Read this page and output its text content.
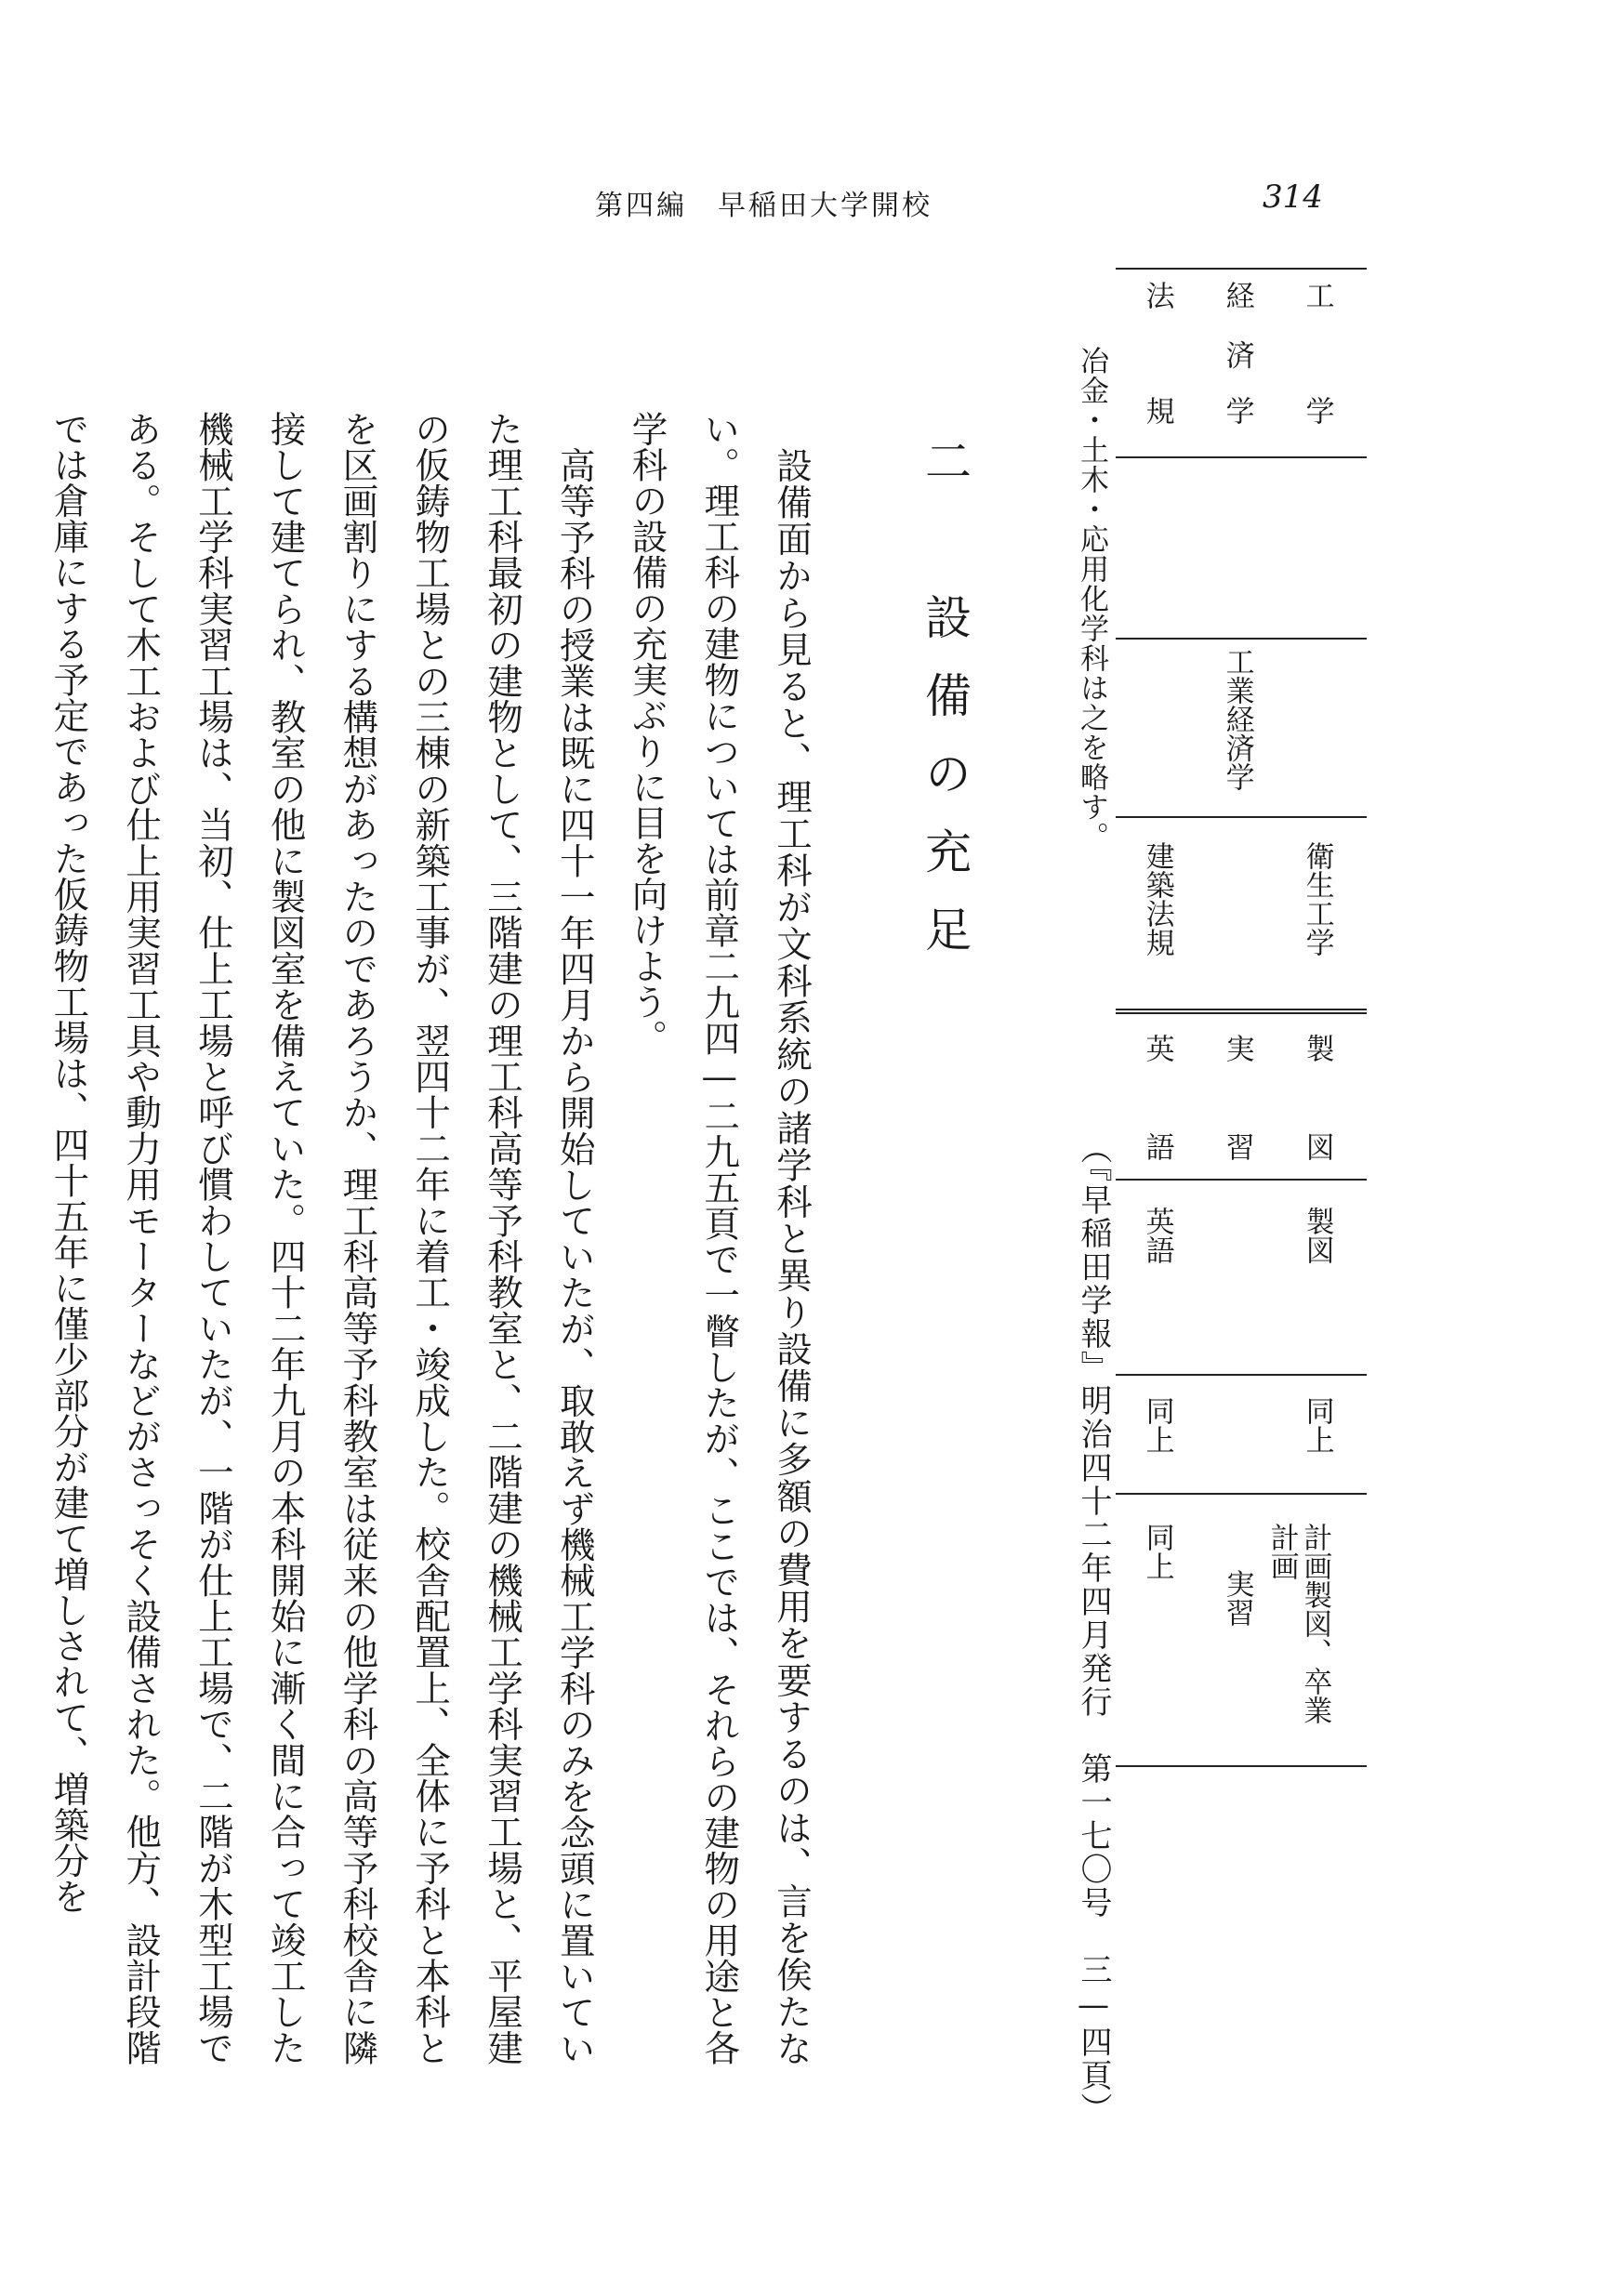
第四編　早稲田大学開校	314
工
学
衛生工学
製
図
製図
同上
計画製図、卒業計画
経
済
学
工業経済学
実
習
実習
法
規
建築法規
英
語
英語
同上
同上
冶金・土木・応用化学科は之を略す。
（『早稲田学報』明治四十二年四月発行　第一七〇号　三—四頁）
二　設備の充足

設備面から見ると、理工科が文科系統の諸学科と異り設備に多額の費用を要するのは、言を俟たない。理工科の建物については前章二九四—二九五頁で一瞥したが、ここでは、それらの建物の用途と各学科の設備の充実ぶりに目を向けよう。

高等予科の授業は既に四十一年四月から開始していたが、取敢えず機械工学科のみを念頭に置いていた理工科最初の建物として、三階建の理工科高等予科教室と、二階建の機械工学科実習工場と、平屋建の仮鋳物工場との三棟の新築工事が、翌四十二年に着工・竣成した。校舎配置上、全体に予科と本科とを区画割りにする構想があったのであろうか、理工科高等予科教室は従来の他学科の高等予科校舎に隣接して建てられ、教室の他に製図室を備えていた。四十二年九月の本科開始に漸く間に合って竣工した機械工学科実習工場は、当初、仕上工場と呼び慣わしていたが、一階が仕上工場で、二階が木型工場である。そして木工および仕上用実習工具や動力用モーターなどがさっそく設備された。他方、設計段階では倉庫にする予定であった仮鋳物工場は、四十五年に僅少部分が建て増しされて、増築分を
